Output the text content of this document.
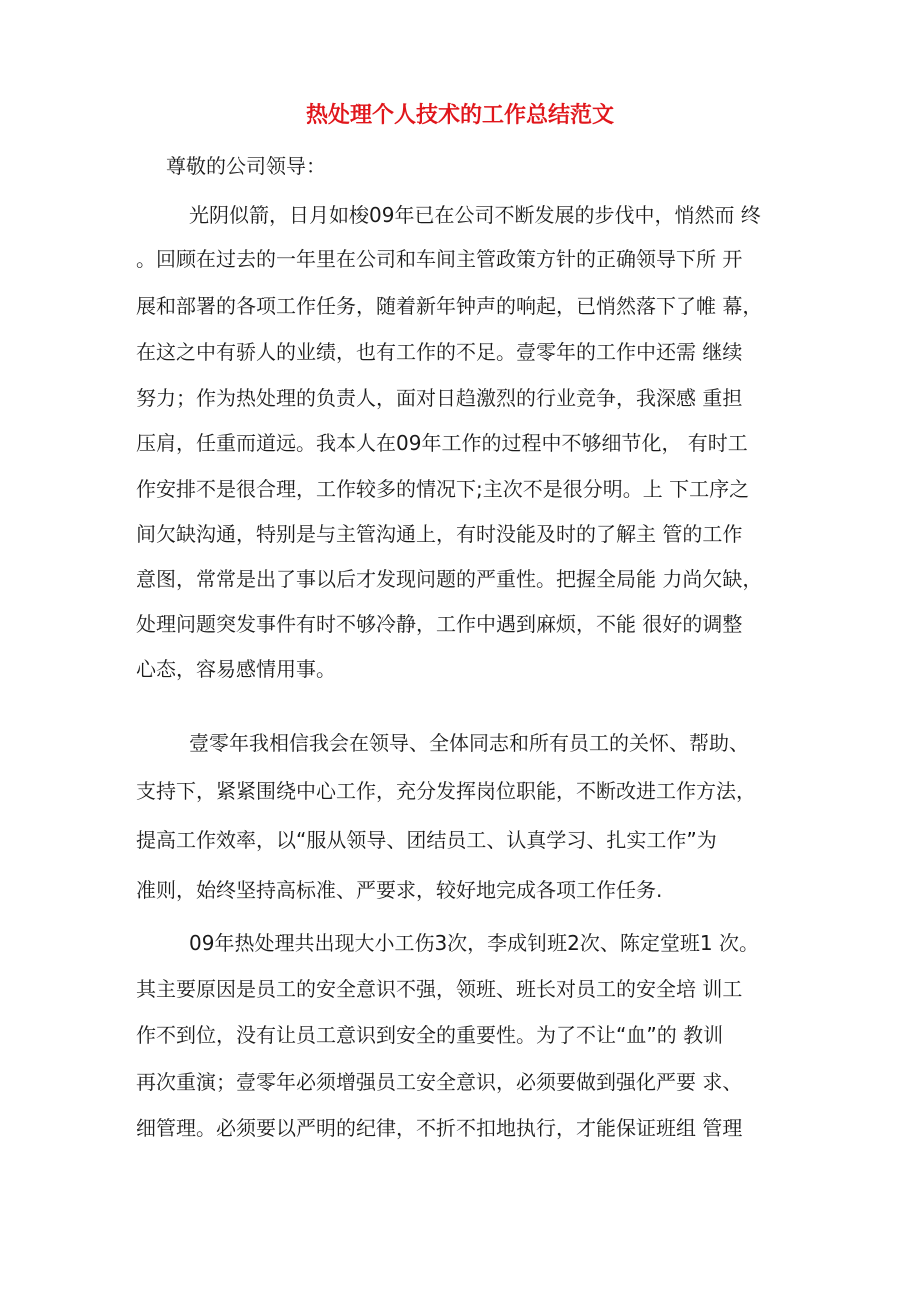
热处理个人技术的工作总结范文
尊敬的公司领导：
光阴似箭，日月如梭09年已在公司不断发展的步伐中，悄然而 终
。回顾在过去的一年里在公司和车间主管政策方针的正确领导下所 开
展和部署的各项工作任务，随着新年钟声的响起，已悄然落下了帷 幕，
在这之中有骄人的业绩，也有工作的不足。壹零年的工作中还需 继续
努力；作为热处理的负责人，面对日趋激烈的行业竞争，我深感 重担
压肩，任重而道远。我本人在09年工作的过程中不够细节化， 有时工
作安排不是很合理，工作较多的情况下;主次不是很分明。上 下工序之
间欠缺沟通，特别是与主管沟通上，有时没能及时的了解主 管的工作
意图，常常是出了事以后才发现问题的严重性。把握全局能 力尚欠缺，
处理问题突发事件有时不够冷静，工作中遇到麻烦，不能 很好的调整
心态，容易感情用事。
壹零年我相信我会在领导、全体同志和所有员工的关怀、帮助、
支持下，紧紧围绕中心工作，充分发挥岗位职能，不断改进工作方法，
提高工作效率，以“服从领导、团结员工、认真学习、扎实工作”为
准则，始终坚持高标准、严要求，较好地完成各项工作任务.
09年热处理共出现大小工伤3次，李成钊班2次、陈定堂班1 次。
其主要原因是员工的安全意识不强，领班、班长对员工的安全培 训工
作不到位，没有让员工意识到安全的重要性。为了不让“血”的 教训
再次重演；壹零年必须增强员工安全意识，必须要做到强化严要 求、
细管理。必须要以严明的纪律，不折不扣地执行，才能保证班组 管理
